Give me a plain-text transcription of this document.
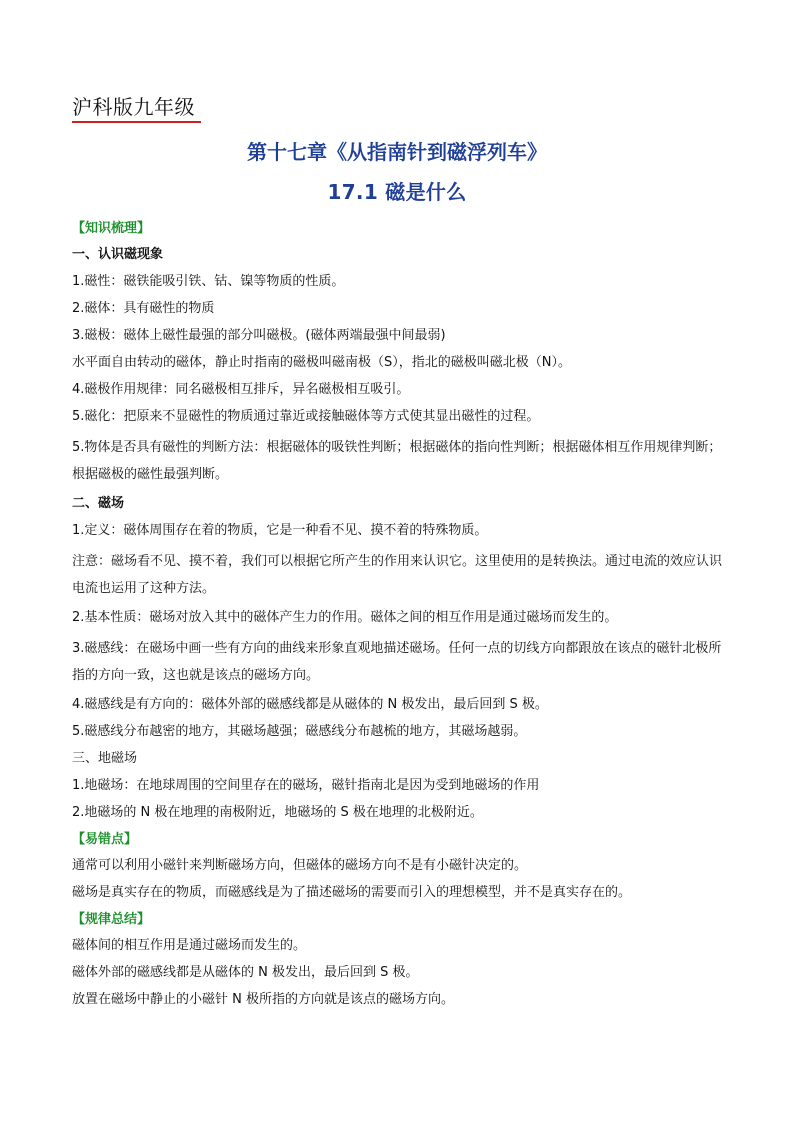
沪科版九年级
第十七章《从指南针到磁浮列车》
17.1 磁是什么
【知识梳理】
一、认识磁现象
1.磁性：磁铁能吸引铁、钴、镍等物质的性质。
2.磁体：具有磁性的物质
3.磁极：磁体上磁性最强的部分叫磁极。(磁体两端最强中间最弱)
水平面自由转动的磁体，静止时指南的磁极叫磁南极（S），指北的磁极叫磁北极（N）。
4.磁极作用规律：同名磁极相互排斥，异名磁极相互吸引。
5.磁化：把原来不显磁性的物质通过靠近或接触磁体等方式使其显出磁性的过程。
5.物体是否具有磁性的判断方法：根据磁体的吸铁性判断；根据磁体的指向性判断；根据磁体相互作用规律判断；根据磁极的磁性最强判断。
二、磁场
1.定义：磁体周围存在着的物质，它是一种看不见、摸不着的特殊物质。
注意：磁场看不见、摸不着，我们可以根据它所产生的作用来认识它。这里使用的是转换法。通过电流的效应认识电流也运用了这种方法。
2.基本性质：磁场对放入其中的磁体产生力的作用。磁体之间的相互作用是通过磁场而发生的。
3.磁感线：在磁场中画一些有方向的曲线来形象直观地描述磁场。任何一点的切线方向都跟放在该点的磁针北极所指的方向一致，这也就是该点的磁场方向。
4.磁感线是有方向的：磁体外部的磁感线都是从磁体的 N 极发出，最后回到 S 极。
5.磁感线分布越密的地方，其磁场越强；磁感线分布越梳的地方，其磁场越弱。
三、地磁场
1.地磁场：在地球周围的空间里存在的磁场，磁针指南北是因为受到地磁场的作用
2.地磁场的 N 极在地理的南极附近，地磁场的 S 极在地理的北极附近。
【易错点】
通常可以利用小磁针来判断磁场方向，但磁体的磁场方向不是有小磁针决定的。
磁场是真实存在的物质，而磁感线是为了描述磁场的需要而引入的理想模型，并不是真实存在的。
【规律总结】
磁体间的相互作用是通过磁场而发生的。
磁体外部的磁感线都是从磁体的 N 极发出，最后回到 S 极。
放置在磁场中静止的小磁针 N 极所指的方向就是该点的磁场方向。
